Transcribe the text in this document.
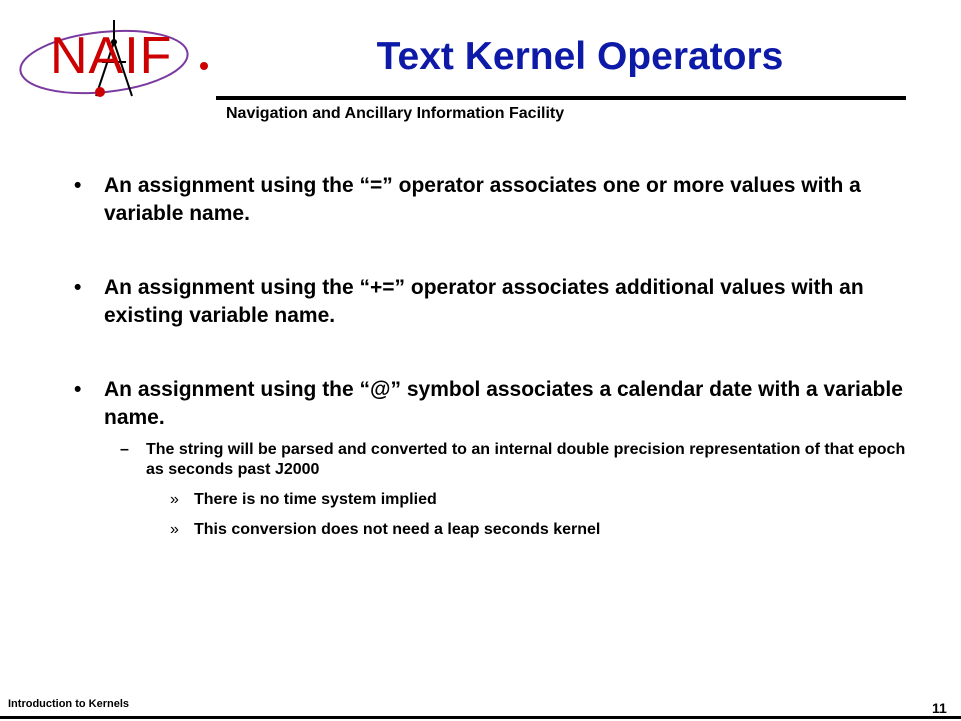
NAIF	Text Kernel Operators
Navigation and Ancillary Information Facility
• An assignment using the “=” operator associates one or more values with a variable name.
• An assignment using the “+=” operator associates additional values with an existing variable name.
• An assignment using the “@” symbol associates a calendar date with a variable name.
– The string will be parsed and converted to an internal double precision representation of that epoch as seconds past J2000
» There is no time system implied
» This conversion does not need a leap seconds kernel
Introduction to Kernels	11
